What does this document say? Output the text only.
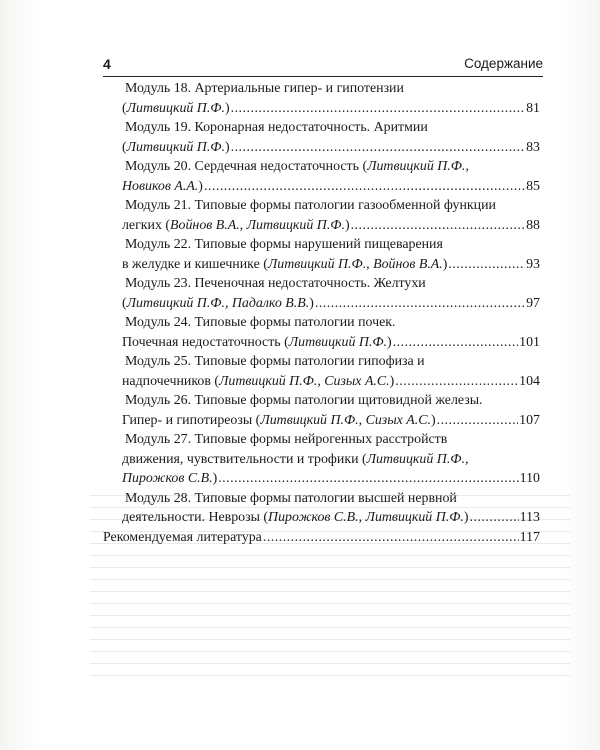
4	Содержание
Модуль 18. Артериальные гипер- и гипотензии
(Литвицкий П.Ф.) .....	81
Модуль 19. Коронарная недостаточность. Аритмии
(Литвицкий П.Ф.) .....	83
Модуль 20. Сердечная недостаточность (Литвицкий П.Ф.,
Новиков А.А.) .....	85
Модуль 21. Типовые формы патологии газообменной функции
легких (Войнов В.А., Литвицкий П.Ф.) .....	88
Модуль 22. Типовые формы нарушений пищеварения
в желудке и кишечнике (Литвицкий П.Ф., Войнов В.А.) .....	93
Модуль 23. Печеночная недостаточность. Желтухи
(Литвицкий П.Ф., Падалко В.В.) .....	97
Модуль 24. Типовые формы патологии почек.
Почечная недостаточность (Литвицкий П.Ф.) .....	101
Модуль 25. Типовые формы патологии гипофиза и
надпочечников (Литвицкий П.Ф., Сизых А.С.) .....	104
Модуль 26. Типовые формы патологии щитовидной железы.
Гипер- и гипотиреозы (Литвицкий П.Ф., Сизых А.С.) .....	107
Модуль 27. Типовые формы нейрогенных расстройств
движения, чувствительности и трофики (Литвицкий П.Ф.,
Пирожков С.В.) .....	110
Модуль 28. Типовые формы патологии высшей нервной
деятельности. Неврозы (Пирожков С.В., Литвицкий П.Ф.) .....	113
Рекомендуемая литература .....	117
